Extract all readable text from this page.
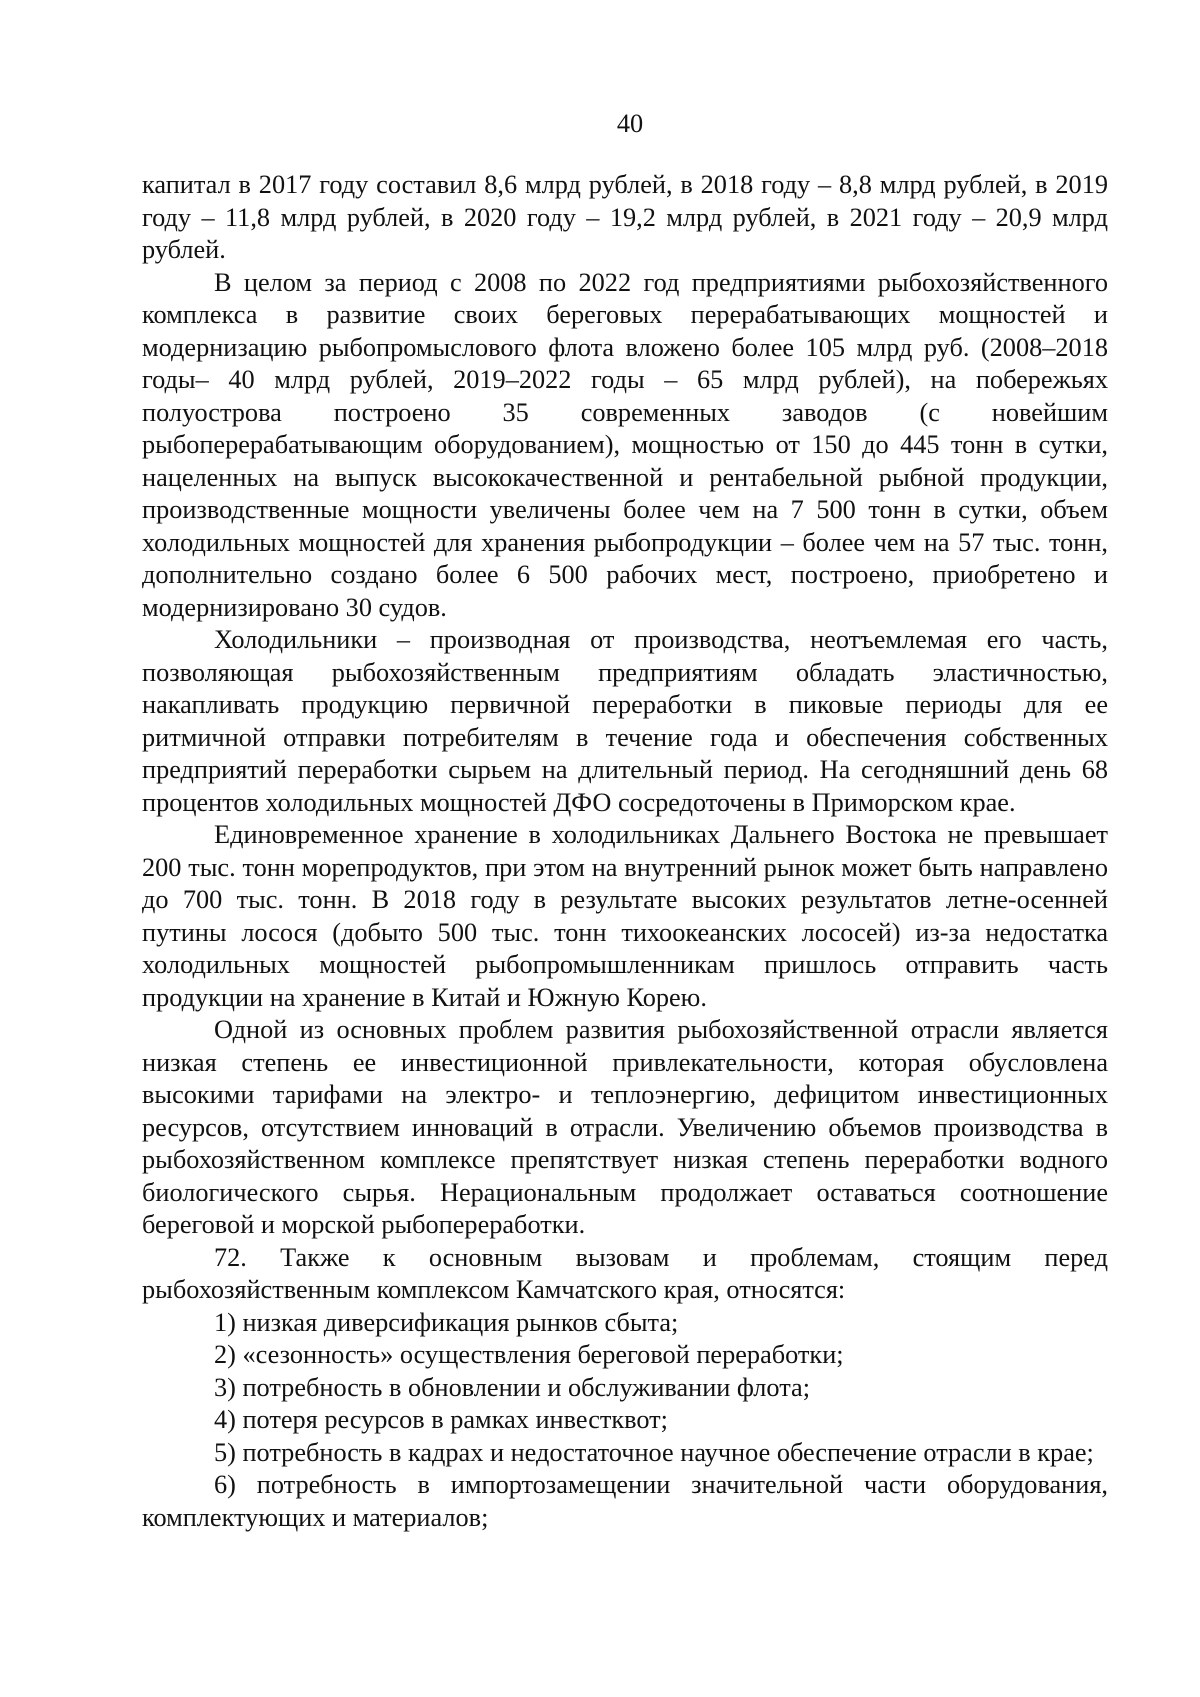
40

капитал в 2017 году составил 8,6 млрд рублей, в 2018 году – 8,8 млрд рублей, в 2019 году – 11,8 млрд рублей, в 2020 году – 19,2 млрд рублей, в 2021 году – 20,9 млрд рублей.

В целом за период с 2008 по 2022 год предприятиями рыбохозяйственного комплекса в развитие своих береговых перерабатывающих мощностей и модернизацию рыбопромыслового флота вложено более 105 млрд руб. (2008–2018 годы– 40 млрд рублей, 2019–2022 годы – 65 млрд рублей), на побережьях полуострова построено 35 современных заводов (с новейшим рыбоперерабатывающим оборудованием), мощностью от 150 до 445 тонн в сутки, нацеленных на выпуск высококачественной и рентабельной рыбной продукции, производственные мощности увеличены более чем на 7 500 тонн в сутки, объем холодильных мощностей для хранения рыбопродукции – более чем на 57 тыс. тонн, дополнительно создано более 6 500 рабочих мест, построено, приобретено и модернизировано 30 судов.

Холодильники – производная от производства, неотъемлемая его часть, позволяющая рыбохозяйственным предприятиям обладать эластичностью, накапливать продукцию первичной переработки в пиковые периоды для ее ритмичной отправки потребителям в течение года и обеспечения собственных предприятий переработки сырьем на длительный период. На сегодняшний день 68 процентов холодильных мощностей ДФО сосредоточены в Приморском крае.

Единовременное хранение в холодильниках Дальнего Востока не превышает 200 тыс. тонн морепродуктов, при этом на внутренний рынок может быть направлено до 700 тыс. тонн. В 2018 году в результате высоких результатов летне-осенней путины лосося (добыто 500 тыс. тонн тихоокеанских лососей) из-за недостатка холодильных мощностей рыбопромышленникам пришлось отправить часть продукции на хранение в Китай и Южную Корею.

Одной из основных проблем развития рыбохозяйственной отрасли является низкая степень ее инвестиционной привлекательности, которая обусловлена высокими тарифами на электро- и теплоэнергию, дефицитом инвестиционных ресурсов, отсутствием инноваций в отрасли. Увеличению объемов производства в рыбохозяйственном комплексе препятствует низкая степень переработки водного биологического сырья. Нерациональным продолжает оставаться соотношение береговой и морской рыбопереработки.

72. Также к основным вызовам и проблемам, стоящим перед рыбохозяйственным комплексом Камчатского края, относятся:

1) низкая диверсификация рынков сбыта;

2) «сезонность» осуществления береговой переработки;

3) потребность в обновлении и обслуживании флота;

4) потеря ресурсов в рамках инвестквот;

5) потребность в кадрах и недостаточное научное обеспечение отрасли в крае;

6) потребность в импортозамещении значительной части оборудования, комплектующих и материалов;
